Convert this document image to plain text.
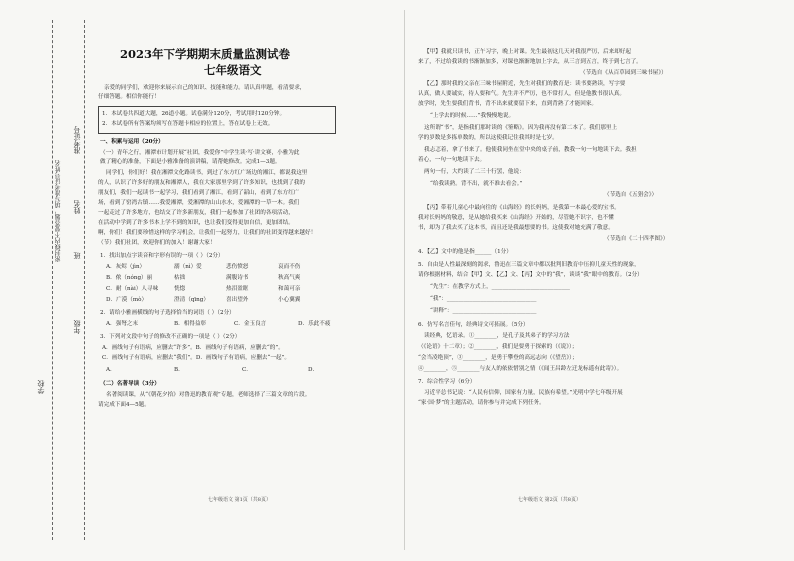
密封线内不要答题，填写准考证号姓名
学校
年级
班
姓名
准考证号
2023年下学期期末质量监测试卷
七年级语文
亲爱的同学们，欢迎你来展示自己的知识、技能和能力。请认真审题，看清要求，
仔细答题。相信你能行！
1．本试卷共四道大题，26道小题。试卷满分120分，考试用时120分钟。
2．本试卷所有答案均须写在答题卡相应的位置上，答在试卷上无效。
一、积累与运用（20分）
（一）青年之行，湘潭市计划开展“社团，我爱你”中学生读·写·讲文赛，小雅为此
做了精心的准备，下面是小雅准备的演讲稿，请帮她修改。完成1—3题。
同学们，你们好！我在湘潭文化路读书，到过了东方红广场边的湘江，都说我这里
的人，认识了许多好的朋友和湘潭人，我在大家那里学到了许多知识，也找到了我的
朋友们，我们一起读书一起学习，我们看到了湘江，看到了韶山，看到了东方红广
场，看到了窑湾古镇……我爱湘潭，爱湘潭的山山水水，爱湘潭的一草一木。我们
一起走过了许多地方，也结交了许多新朋友，我们一起参加了社团的各项活动，
在活动中学到了许多书本上学不到的知识，也让我们变得更加自信，更加团结。
啊，你们！我们要珍惜这样的学习机会，让我们一起努力，让我们的社团变得越来越好！
（节）我们社团，欢迎你们的加入！谢谢大家！
1．找出加点字读音和字形有误的一项（ ）（2分）
A．灰烬（jìn）	溺（nì）爱	悲伤愤怒	哀而不伤
B．侬（nóng）丽	枯拙	满腹诗书	秋高气爽
C．耐（nài）人寻味	恍惚	热泪盈眶	和蔼可亲
D．广漠（mò）	澄清（qīng）	喜出望外	小心翼翼
2．请给小雅画横线的句子选择恰当的词语（ ）（2分）
A．强弩之末	B．相得益彰	C．金玉良言	D．乐此不疲
3．下列对文段中句子的修改不正确的一项是（ ）（2分）
A．画线句子有语病，应删去“许多”。B．画线句子有语病，应删去“的”。
C．画线句子有语病，应删去“我们”。D．画线句子有语病，应删去“一起”。
A．	B．	C．	D．
（二）名著导读（3分）
名著阅读课，从“《朝花夕拾》对鲁迅的教育观”专题，老师选择了三篇文章的片段。
请完成下面4—5题。
七年级语文 第1页（共8页）
【甲】我就只读书，正午习字，晚上对课。先生最初这几天对我很严厉，后来却好起
来了，不过给我读的书渐渐加多，对课也渐渐地加上字去，从三言到五言，终于到七言了。
（节选自《从百草园到三味书屋》）
【乙】那时我的父亲在三味书屋附近，先生对我们的教育是：读书要熟读，写字要
认真，做人要诚实，待人要和气。先生并不严厉，也不常打人，但是他教书很认真。
放学时，先生要我们背书，背不出来就要留下来，直到背熟了才能回家。
“上学去的时候……”我慢慢地说。
这所谓“书”，是指我们那时读的《鉴略》。因为我再没有第二本了。我们那里上
学的岁数是多拣单数的，所以这使我记住我其时是七岁。
我忐忑着，拿了书来了。他使我同坐在堂中央的桌子前，教我一句一句地读下去。我担
着心，一句一句地读下去。
两句一行，大约读了二三十行罢，他说：
“给我读熟。背不出，就不准去看会。”
（节选自《五猖会》）
【丙】带着儿童心中最向往的《山海经》的长妈妈，是我第一本最心爱的宝书。
我对长妈妈的敬意，是从她给我买来《山海经》开始的，尽管她不识字，也不懂
书，却为了我去买了这本书，而且还是我最想要的书。这使我对她充满了敬意。
（节选自《二十四孝图》）
4．【乙】文中的他是指______（1分）
5．自由是人性最深刻的渴求，鲁迅在三篇文章中都以批判旧教育中压抑儿童天性的现象，
请你根据材料，结合【甲】文、【乙】文、【丙】文中的“我”，谈谈“我”眼中的教育。（2分）
“先生”：在教学方式上，____________________________
“我”：________________________________
“讲释”：______________________________
6．仿写名言佳句，经典诗文可拓展。（5分）
读经典，忆语录。①________，是孔子及其弟子的学习方法
（《论语》十二章）；②________，我们是要勇于探索的（《说》）；
“会当凌绝顶”，③________，是勇于攀登的高远志向（《望岳》）；
④________，⑤________与友人的依依惜别之情（《闻王昌龄左迁龙标遥有此寄》）。
7．综合性学习（6分）
习近平总书记说：“人民有信仰，国家有力量，民族有希望。”光明中学七年级开展
“家·国·梦”的主题活动，请你参与并完成下列任务。
七年级语文 第2页（共8页）
